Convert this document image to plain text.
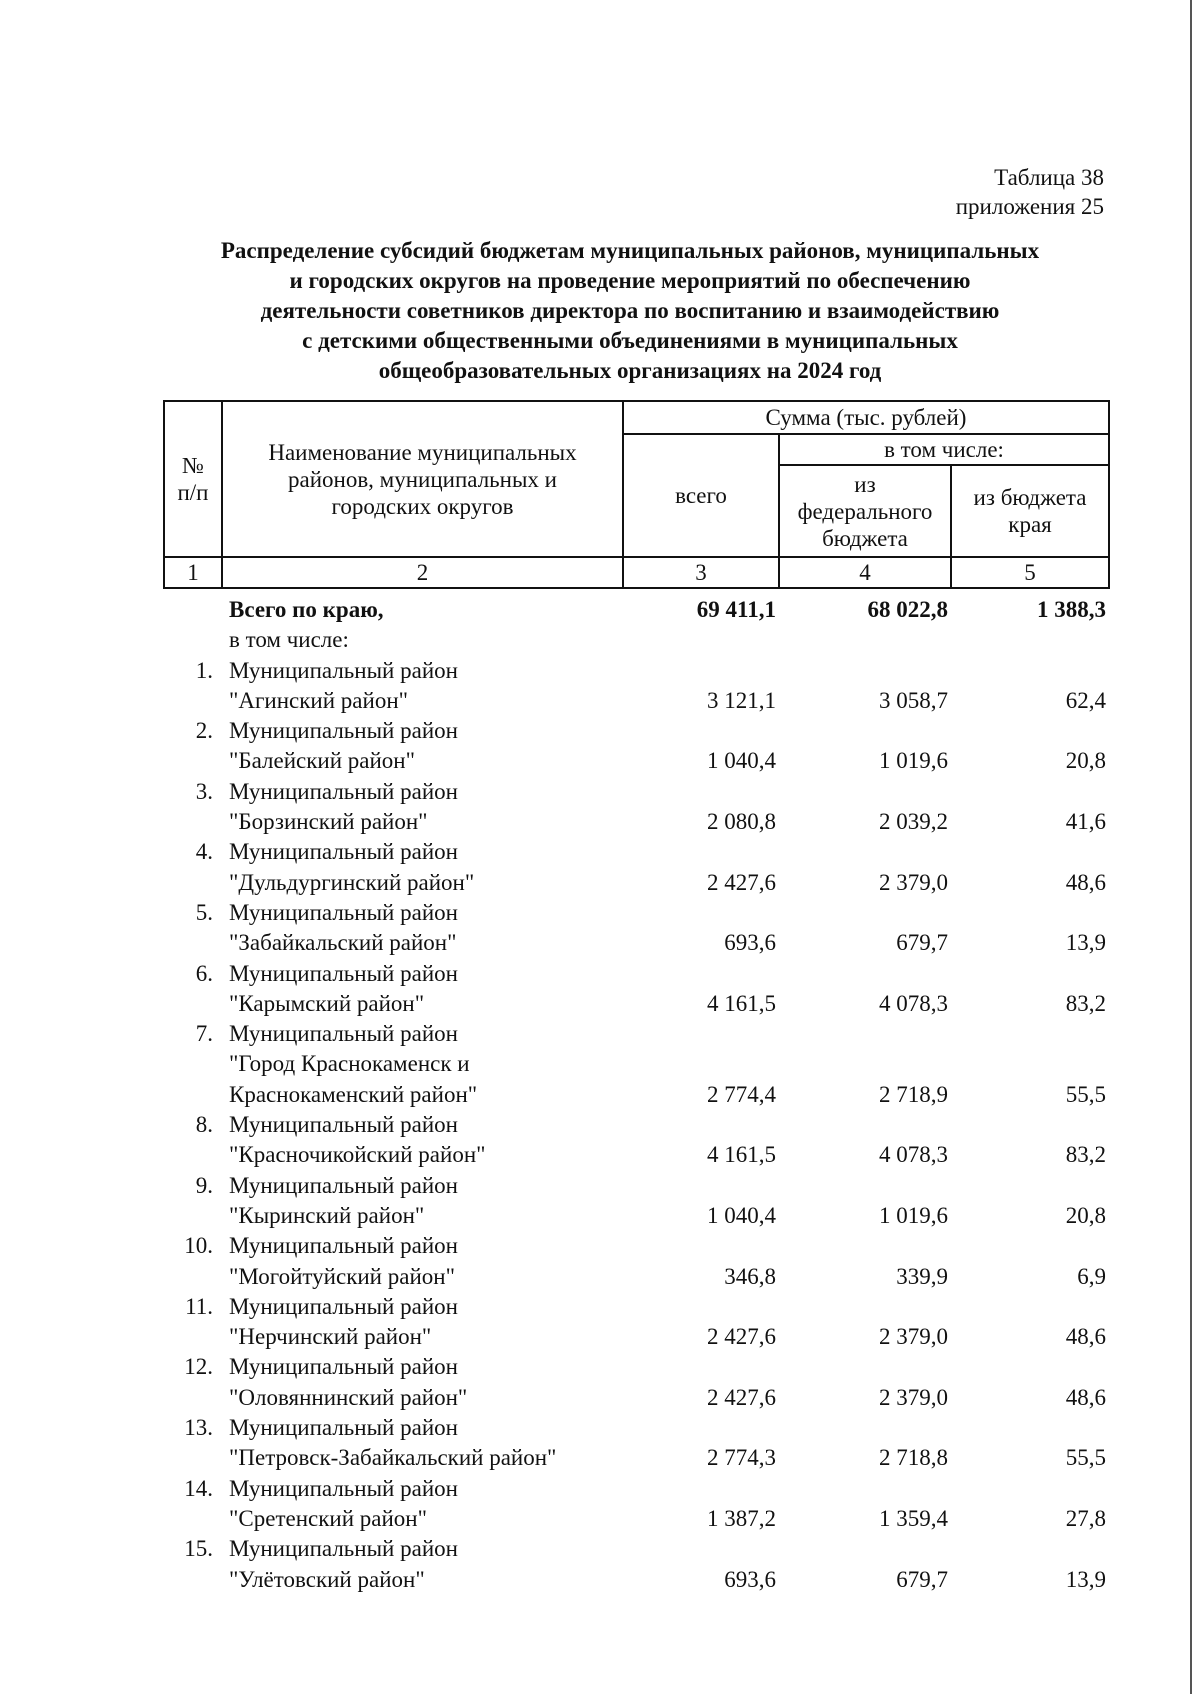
Таблица 38
приложения 25
Распределение субсидий бюджетам муниципальных районов, муниципальных
и городских округов на проведение мероприятий по обеспечению
деятельности советников директора по воспитанию и взаимодействию
с детскими общественными объединениями в муниципальных
общеобразовательных организациях на 2024 год
№ п/п	Наименование муниципальных районов, муниципальных и городских округов	Сумма (тыс. рублей)		
		всего	в том числе:	
			из федерального бюджета	из бюджета края
1	2	3	4	5

	Всего по краю,	69 411,1	68 022,8	1 388,3
	в том числе:			
1.	Муниципальный район
"Агинский район"	3 121,1	3 058,7	62,4
2.	Муниципальный район
"Балейский район"	1 040,4	1 019,6	20,8
3.	Муниципальный район
"Борзинский район"	2 080,8	2 039,2	41,6
4.	Муниципальный район
"Дульдургинский район"	2 427,6	2 379,0	48,6
5.	Муниципальный район
"Забайкальский район"	693,6	679,7	13,9
6.	Муниципальный район
"Карымский район"	4 161,5	4 078,3	83,2
7.	Муниципальный район
"Город Краснокаменск и
Краснокаменский район"	2 774,4	2 718,9	55,5
8.	Муниципальный район
"Красночикойский район"	4 161,5	4 078,3	83,2
9.	Муниципальный район
"Кыринский район"	1 040,4	1 019,6	20,8
10.	Муниципальный район
"Могойтуйский район"	346,8	339,9	6,9
11.	Муниципальный район
"Нерчинский район"	2 427,6	2 379,0	48,6
12.	Муниципальный район
"Оловяннинский район"	2 427,6	2 379,0	48,6
13.	Муниципальный район
"Петровск-Забайкальский район"	2 774,3	2 718,8	55,5
14.	Муниципальный район
"Сретенский район"	1 387,2	1 359,4	27,8
15.	Муниципальный район
"Улётовский район"	693,6	679,7	13,9
